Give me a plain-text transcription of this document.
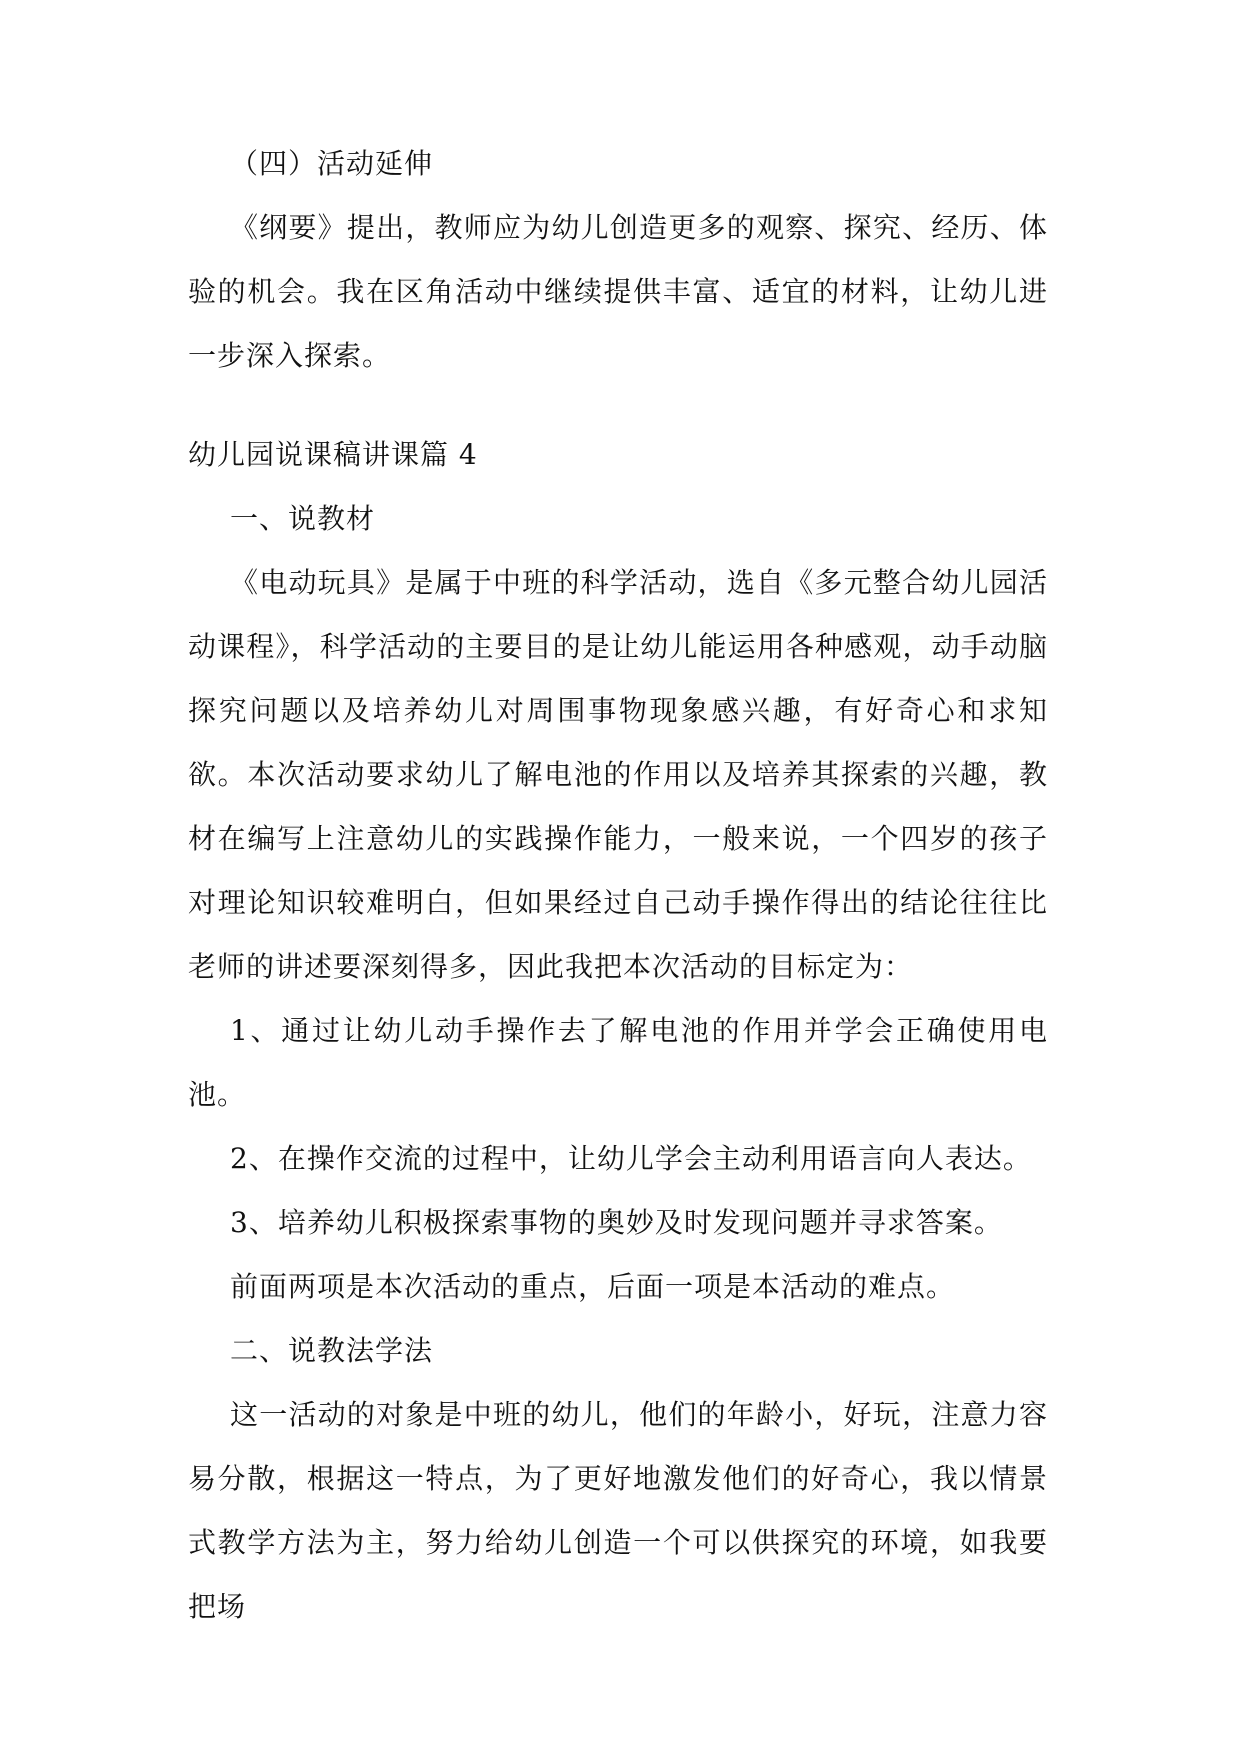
（四）活动延伸

《纲要》提出，教师应为幼儿创造更多的观察、探究、经历、体验的机会。我在区角活动中继续提供丰富、适宜的材料，让幼儿进一步深入探索。

幼儿园说课稿讲课篇 4

一、说教材

《电动玩具》是属于中班的科学活动，选自《多元整合幼儿园活动课程》，科学活动的主要目的是让幼儿能运用各种感观，动手动脑探究问题以及培养幼儿对周围事物现象感兴趣，有好奇心和求知欲。本次活动要求幼儿了解电池的作用以及培养其探索的兴趣，教材在编写上注意幼儿的实践操作能力，一般来说，一个四岁的孩子对理论知识较难明白，但如果经过自己动手操作得出的结论往往比老师的讲述要深刻得多，因此我把本次活动的目标定为：

1、通过让幼儿动手操作去了解电池的作用并学会正确使用电池。

2、在操作交流的过程中，让幼儿学会主动利用语言向人表达。

3、培养幼儿积极探索事物的奥妙及时发现问题并寻求答案。

前面两项是本次活动的重点，后面一项是本活动的难点。

二、说教法学法

这一活动的对象是中班的幼儿，他们的年龄小，好玩，注意力容易分散，根据这一特点，为了更好地激发他们的好奇心，我以情景式教学方法为主，努力给幼儿创造一个可以供探究的环境，如我要把场
